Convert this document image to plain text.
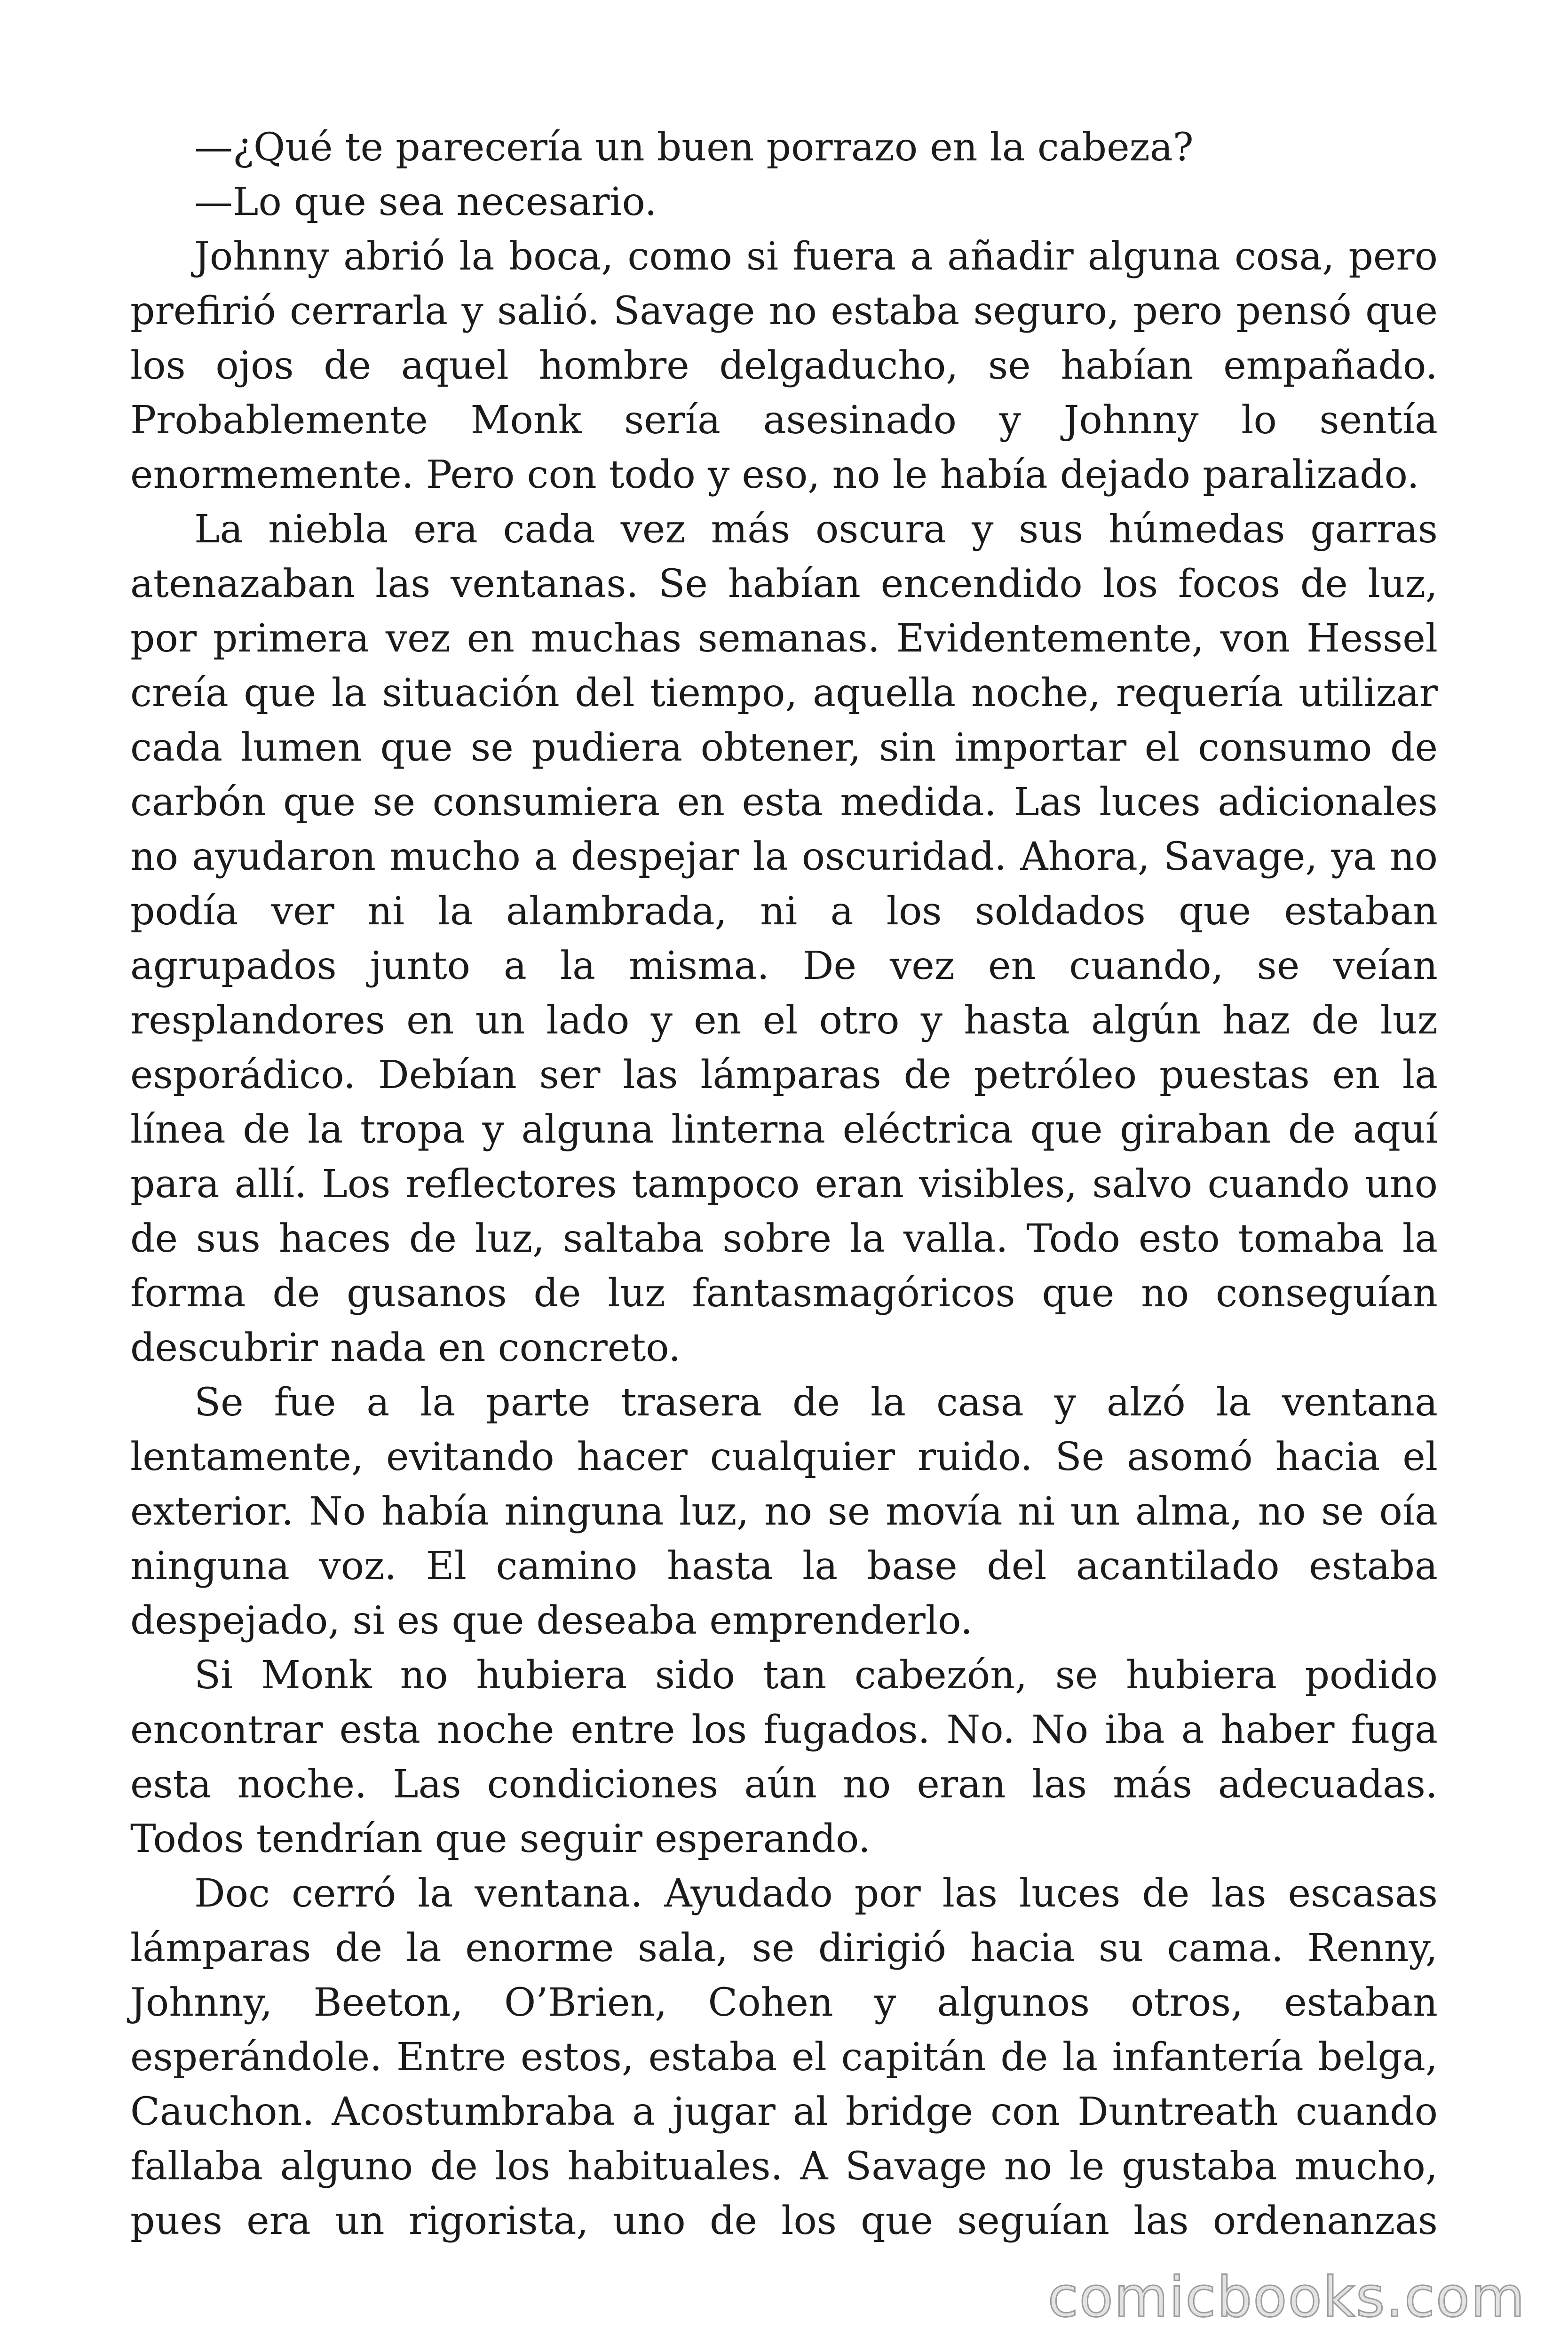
—¿Qué te parecería un buen porrazo en la cabeza?

—Lo que sea necesario.

Johnny abrió la boca, como si fuera a añadir alguna cosa, pero prefirió cerrarla y salió. Savage no estaba seguro, pero pensó que los ojos de aquel hombre delgaducho, se habían empañado. Probablemente Monk sería asesinado y Johnny lo sentía enormemente. Pero con todo y eso, no le había dejado paralizado.

La niebla era cada vez más oscura y sus húmedas garras atenazaban las ventanas. Se habían encendido los focos de luz, por primera vez en muchas semanas. Evidentemente, von Hessel creía que la situación del tiempo, aquella noche, requería utilizar cada lumen que se pudiera obtener, sin importar el consumo de carbón que se consumiera en esta medida. Las luces adicionales no ayudaron mucho a despejar la oscuridad. Ahora, Savage, ya no podía ver ni la alambrada, ni a los soldados que estaban agrupados junto a la misma. De vez en cuando, se veían resplandores en un lado y en el otro y hasta algún haz de luz esporádico. Debían ser las lámparas de petróleo puestas en la línea de la tropa y alguna linterna eléctrica que giraban de aquí para allí. Los reflectores tampoco eran visibles, salvo cuando uno de sus haces de luz, saltaba sobre la valla. Todo esto tomaba la forma de gusanos de luz fantasmagóricos que no conseguían descubrir nada en concreto.

Se fue a la parte trasera de la casa y alzó la ventana lentamente, evitando hacer cualquier ruido. Se asomó hacia el exterior. No había ninguna luz, no se movía ni un alma, no se oía ninguna voz. El camino hasta la base del acantilado estaba despejado, si es que deseaba emprenderlo.

Si Monk no hubiera sido tan cabezón, se hubiera podido encontrar esta noche entre los fugados. No. No iba a haber fuga esta noche. Las condiciones aún no eran las más adecuadas. Todos tendrían que seguir esperando.

Doc cerró la ventana. Ayudado por las luces de las escasas lámparas de la enorme sala, se dirigió hacia su cama. Renny, Johnny, Beeton, O’Brien, Cohen y algunos otros, estaban esperándole. Entre estos, estaba el capitán de la infantería belga, Cauchon. Acostumbraba a jugar al bridge con Duntreath cuando fallaba alguno de los habituales. A Savage no le gustaba mucho, pues era un rigorista, uno de los que seguían las ordenanzas

comicbooks.com
